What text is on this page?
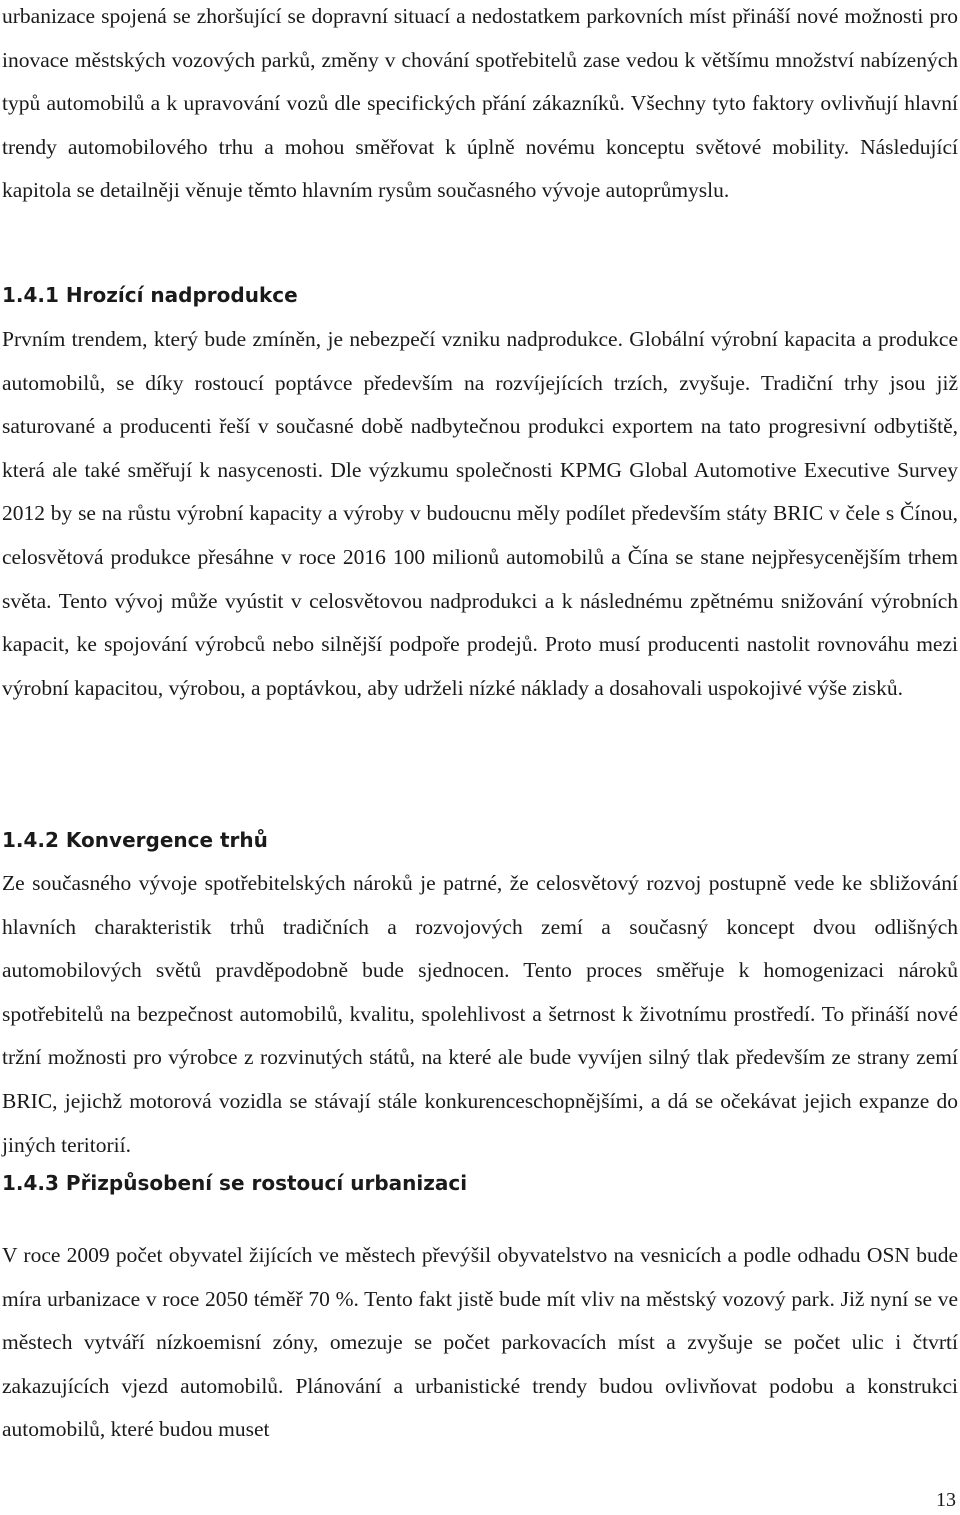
urbanizace spojená se zhoršující se dopravní situací a nedostatkem parkovních míst přináší nové možnosti pro inovace městských vozových parků, změny v chování spotřebitelů zase vedou k většímu množství nabízených typů automobilů a k upravování vozů dle specifických přání zákazníků. Všechny tyto faktory ovlivňují hlavní trendy automobilového trhu a mohou směřovat k úplně novému konceptu světové mobility. Následující kapitola se detailněji věnuje těmto hlavním rysům současného vývoje autoprůmyslu.

1.4.1 Hrozící nadprodukce

Prvním trendem, který bude zmíněn, je nebezpečí vzniku nadprodukce. Globální výrobní kapacita a produkce automobilů, se díky rostoucí poptávce především na rozvíjejících trzích, zvyšuje. Tradiční trhy jsou již saturované a producenti řeší v současné době nadbytečnou produkci exportem na tato progresivní odbytiště, která ale také směřují k nasycenosti. Dle výzkumu společnosti KPMG Global Automotive Executive Survey 2012 by se na růstu výrobní kapacity a výroby v budoucnu měly podílet především státy BRIC v čele s Čínou, celosvětová produkce přesáhne v roce 2016 100 milionů automobilů a Čína se stane nejpřesycenějším trhem světa. Tento vývoj může vyústit v celosvětovou nadprodukci a k následnému zpětnému snižování výrobních kapacit, ke spojování výrobců nebo silnější podpoře prodejů. Proto musí producenti nastolit rovnováhu mezi výrobní kapacitou, výrobou, a poptávkou, aby udrželi nízké náklady a dosahovali uspokojivé výše zisků.

1.4.2 Konvergence trhů

Ze současného vývoje spotřebitelských nároků je patrné, že celosvětový rozvoj postupně vede ke sbližování hlavních charakteristik trhů tradičních a rozvojových zemí a současný koncept dvou odlišných automobilových světů pravděpodobně bude sjednocen. Tento proces směřuje k homogenizaci nároků spotřebitelů na bezpečnost automobilů, kvalitu, spolehlivost a šetrnost k životnímu prostředí. To přináší nové tržní možnosti pro výrobce z rozvinutých států, na které ale bude vyvíjen silný tlak především ze strany zemí BRIC, jejichž motorová vozidla se stávají stále konkurenceschopnějšími, a dá se očekávat jejich expanze do jiných teritorií.

1.4.3 Přizpůsobení se rostoucí urbanizaci

V roce 2009 počet obyvatel žijících ve městech převýšil obyvatelstvo na vesnicích a podle odhadu OSN bude míra urbanizace v roce 2050 téměř 70 %. Tento fakt jistě bude mít vliv na městský vozový park. Již nyní se ve městech vytváří nízkoemisní zóny, omezuje se počet parkovacích míst a zvyšuje se počet ulic i čtvrtí zakazujících vjezd automobilů. Plánování a urbanistické trendy budou ovlivňovat podobu a konstrukci automobilů, které budou muset

13
